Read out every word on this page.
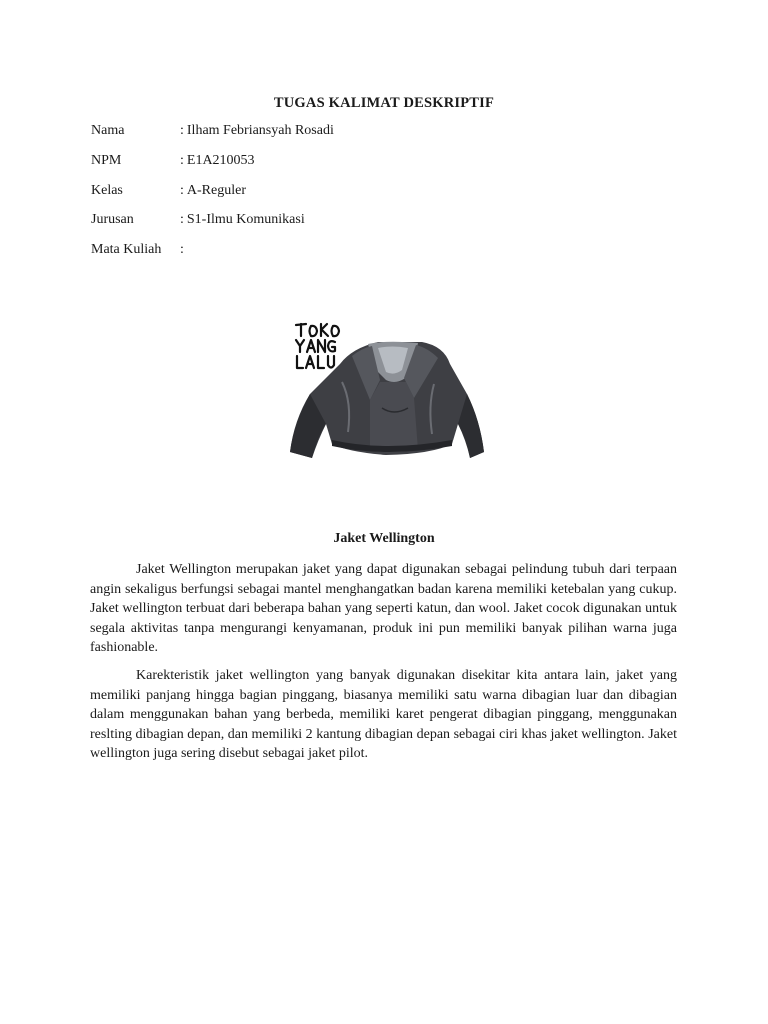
TUGAS KALIMAT DESKRIPTIF
Nama	: Ilham Febriansyah Rosadi
NPM	: E1A210053
Kelas	: A-Reguler
Jurusan	: S1-Ilmu Komunikasi
Mata Kuliah :
Jaket Wellington

Jaket Wellington merupakan jaket yang dapat digunakan sebagai pelindung tubuh dari terpaan angin sekaligus berfungsi sebagai mantel menghangatkan badan karena memiliki ketebalan yang cukup. Jaket wellington terbuat dari beberapa bahan yang seperti katun, dan wool. Jaket cocok digunakan untuk segala aktivitas tanpa mengurangi kenyamanan, produk ini pun memiliki banyak pilihan warna juga fashionable.

Karekteristik jaket wellington yang banyak digunakan disekitar kita antara lain, jaket yang memiliki panjang hingga bagian pinggang, biasanya memiliki satu warna dibagian luar dan dibagian dalam menggunakan bahan yang berbeda, memiliki karet pengerat dibagian pinggang, menggunakan reslting dibagian depan, dan memiliki 2 kantung dibagian depan sebagai ciri khas jaket wellington. Jaket wellington juga sering disebut sebagai jaket pilot.
